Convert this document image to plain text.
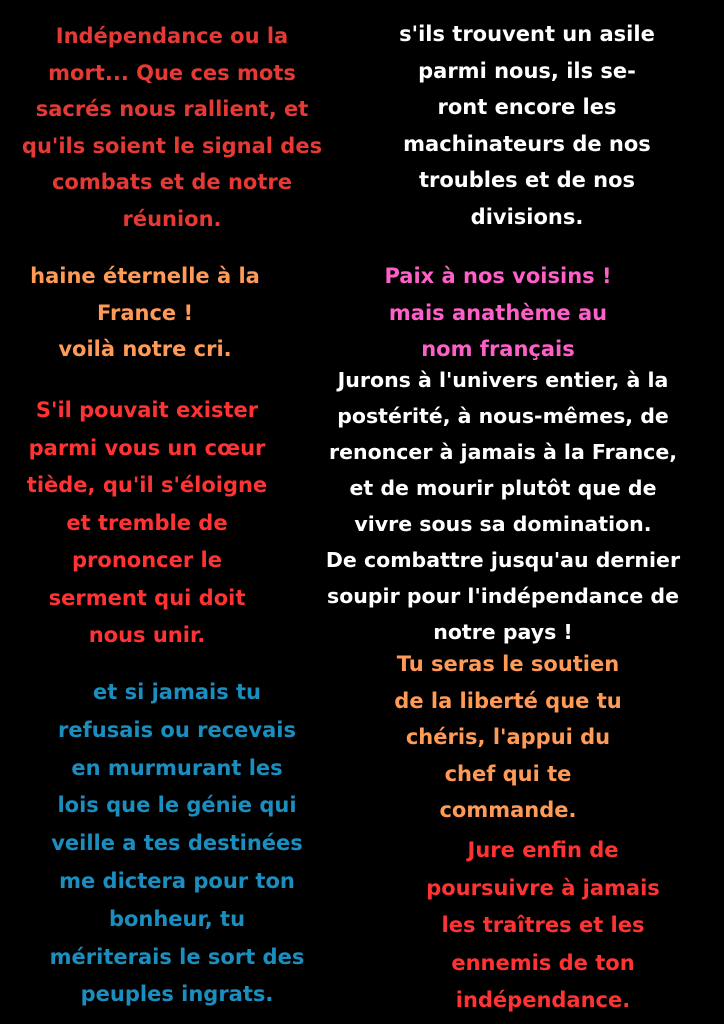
Indépendance ou la
mort... Que ces mots
sacrés nous rallient, et
qu'ils soient le signal des
combats et de notre
réunion.

s'ils trouvent un asile
parmi nous, ils se-
ront encore les
machinateurs de nos
troubles et de nos
divisions.

haine éternelle à la
France !
voilà notre cri.

Paix à nos voisins !
mais anathème au
nom français

S'il pouvait exister
parmi vous un cœur
tiède, qu'il s'éloigne
et tremble de
prononcer le
serment qui doit
nous unir.

Jurons à l'univers entier, à la
postérité, à nous-mêmes, de
renoncer à jamais à la France,
et de mourir plutôt que de
vivre sous sa domination.
De combattre jusqu'au dernier
soupir pour l'indépendance de
notre pays !

et si jamais tu
refusais ou recevais
en murmurant les
lois que le génie qui
veille a tes destinées
me dictera pour ton
bonheur, tu
mériterais le sort des
peuples ingrats.

Tu seras le soutien
de la liberté que tu
chéris, l'appui du
chef qui te
commande.

Jure enfin de
poursuivre à jamais
les traîtres et les
ennemis de ton
indépendance.
